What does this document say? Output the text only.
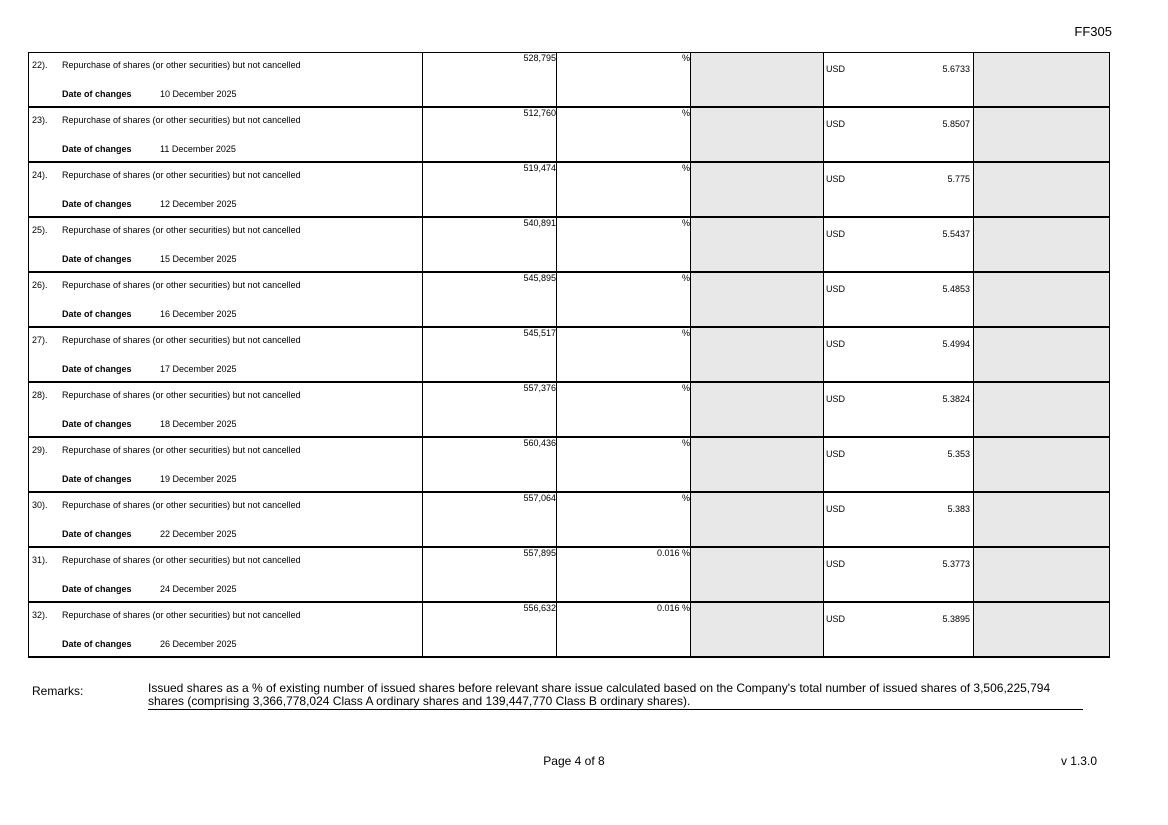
FF305
22). Repurchase of shares (or other securities) but not cancelled
Date of changes 10 December 2025	528,795	%		USD 5.6733	

23). Repurchase of shares (or other securities) but not cancelled
Date of changes 11 December 2025	512,760	%		USD 5.8507	

24). Repurchase of shares (or other securities) but not cancelled
Date of changes 12 December 2025	519,474	%		USD 5.775	

25). Repurchase of shares (or other securities) but not cancelled
Date of changes 15 December 2025	540,891	%		USD 5.5437	

26). Repurchase of shares (or other securities) but not cancelled
Date of changes 16 December 2025	545,895	%		USD 5.4853	

27). Repurchase of shares (or other securities) but not cancelled
Date of changes 17 December 2025	545,517	%		USD 5.4994	

28). Repurchase of shares (or other securities) but not cancelled
Date of changes 18 December 2025	557,376	%		USD 5.3824	

29). Repurchase of shares (or other securities) but not cancelled
Date of changes 19 December 2025	560,436	%		USD 5.353	

30). Repurchase of shares (or other securities) but not cancelled
Date of changes 22 December 2025	557,064	%		USD 5.383	

31). Repurchase of shares (or other securities) but not cancelled
Date of changes 24 December 2025	557,895	0.016 %		USD 5.3773	

32). Repurchase of shares (or other securities) but not cancelled
Date of changes 26 December 2025	556,632	0.016 %		USD 5.3895	

Remarks:	Issued shares as a % of existing number of issued shares before relevant share issue calculated based on the Company's total number of issued shares of 3,506,225,794 shares (comprising 3,366,778,024 Class A ordinary shares and 139,447,770 Class B ordinary shares).
Page 4 of 8	v 1.3.0
